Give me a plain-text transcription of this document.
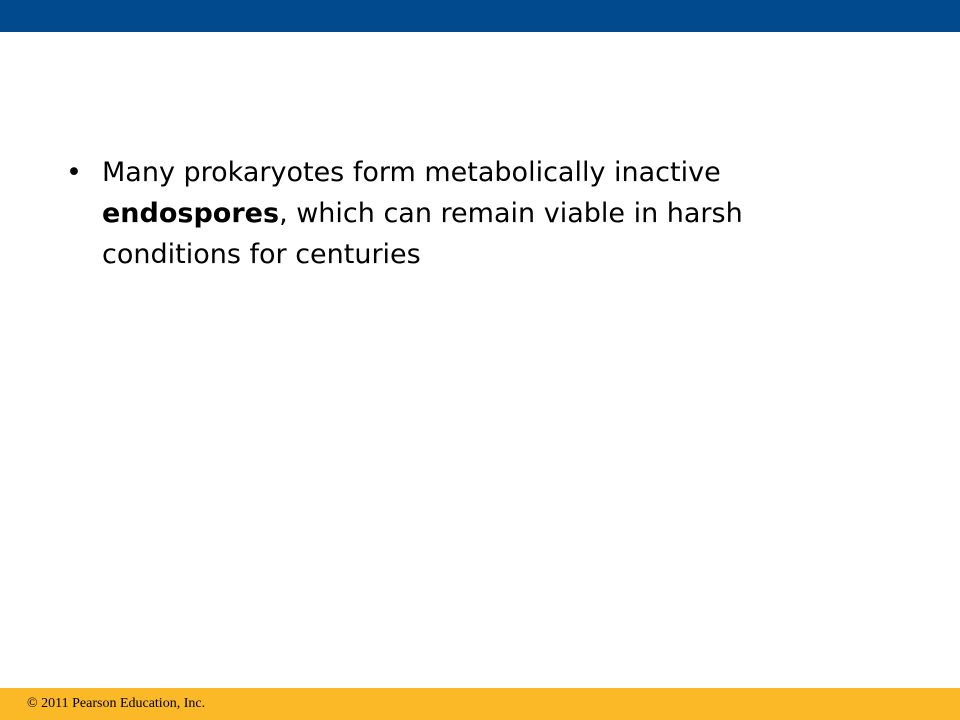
• Many prokaryotes form metabolically inactive endospores, which can remain viable in harsh conditions for centuries
© 2011 Pearson Education, Inc.
